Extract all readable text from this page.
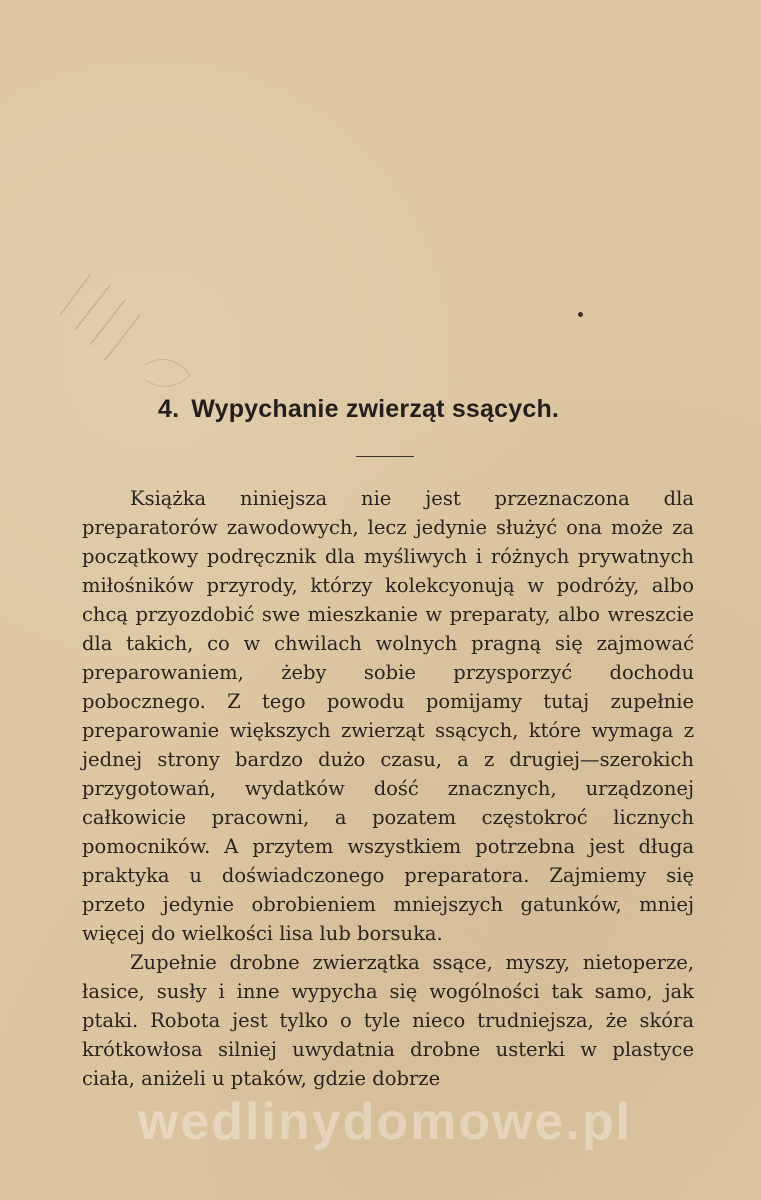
4. Wypychanie zwierząt ssących.

Książka niniejsza nie jest przeznaczona dla preparatorów zawodowych, lecz jedynie służyć ona może za początkowy podręcznik dla myśliwych i różnych prywatnych miłośników przyrody, którzy kolekcyonują w podróży, albo chcą przyozdobić swe mieszkanie w preparaty, albo wreszcie dla takich, co w chwilach wolnych pragną się zajmować preparowaniem, żeby sobie przysporzyć dochodu pobocznego. Z tego powodu pomijamy tutaj zupełnie preparowanie większych zwierząt ssących, które wymaga z jednej strony bardzo dużo czasu, a z drugiej—szerokich przygotowań, wydatków dość znacznych, urządzonej całkowicie pracowni, a pozatem częstokroć licznych pomocników. A przytem wszystkiem potrzebna jest długa praktyka u doświadczonego preparatora. Zajmiemy się przeto jedynie obrobieniem mniejszych gatunków, mniej więcej do wielkości lisa lub borsuka.

Zupełnie drobne zwierzątka ssące, myszy, nietoperze, łasice, susły i inne wypycha się wogólności tak samo, jak ptaki. Robota jest tylko o tyle nieco trudniejsza, że skóra krótkowłosa silniej uwydatnia drobne usterki w plastyce ciała, aniżeli u ptaków, gdzie dobrze

wedlinydomowe.pl
